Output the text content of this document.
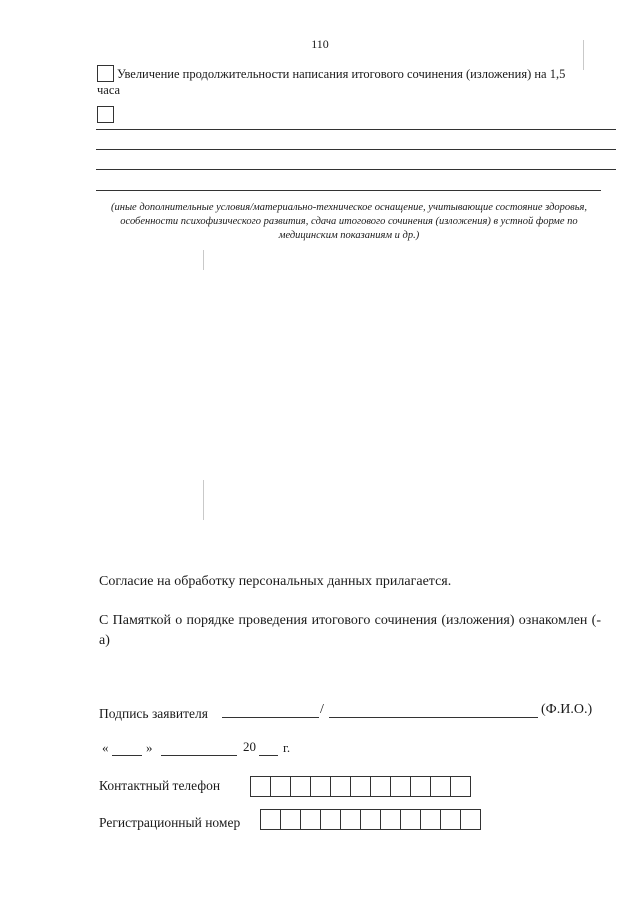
110
Увеличение продолжительности написания итогового сочинения (изложения) на 1,5
часа
(иные дополнительные условия/материально-техническое оснащение, учитывающие состояние здоровья, особенности психофизического развития, сдача итогового сочинения (изложения) в устной форме по медицинским показаниям и др.)
Согласие на обработку персональных данных прилагается.
С Памяткой о порядке проведения итогового сочинения (изложения) ознакомлен (-а)
Подпись заявителя	/	(Ф.И.О.)
«	»	20 г.
Контактный телефон
Регистрационный номер
